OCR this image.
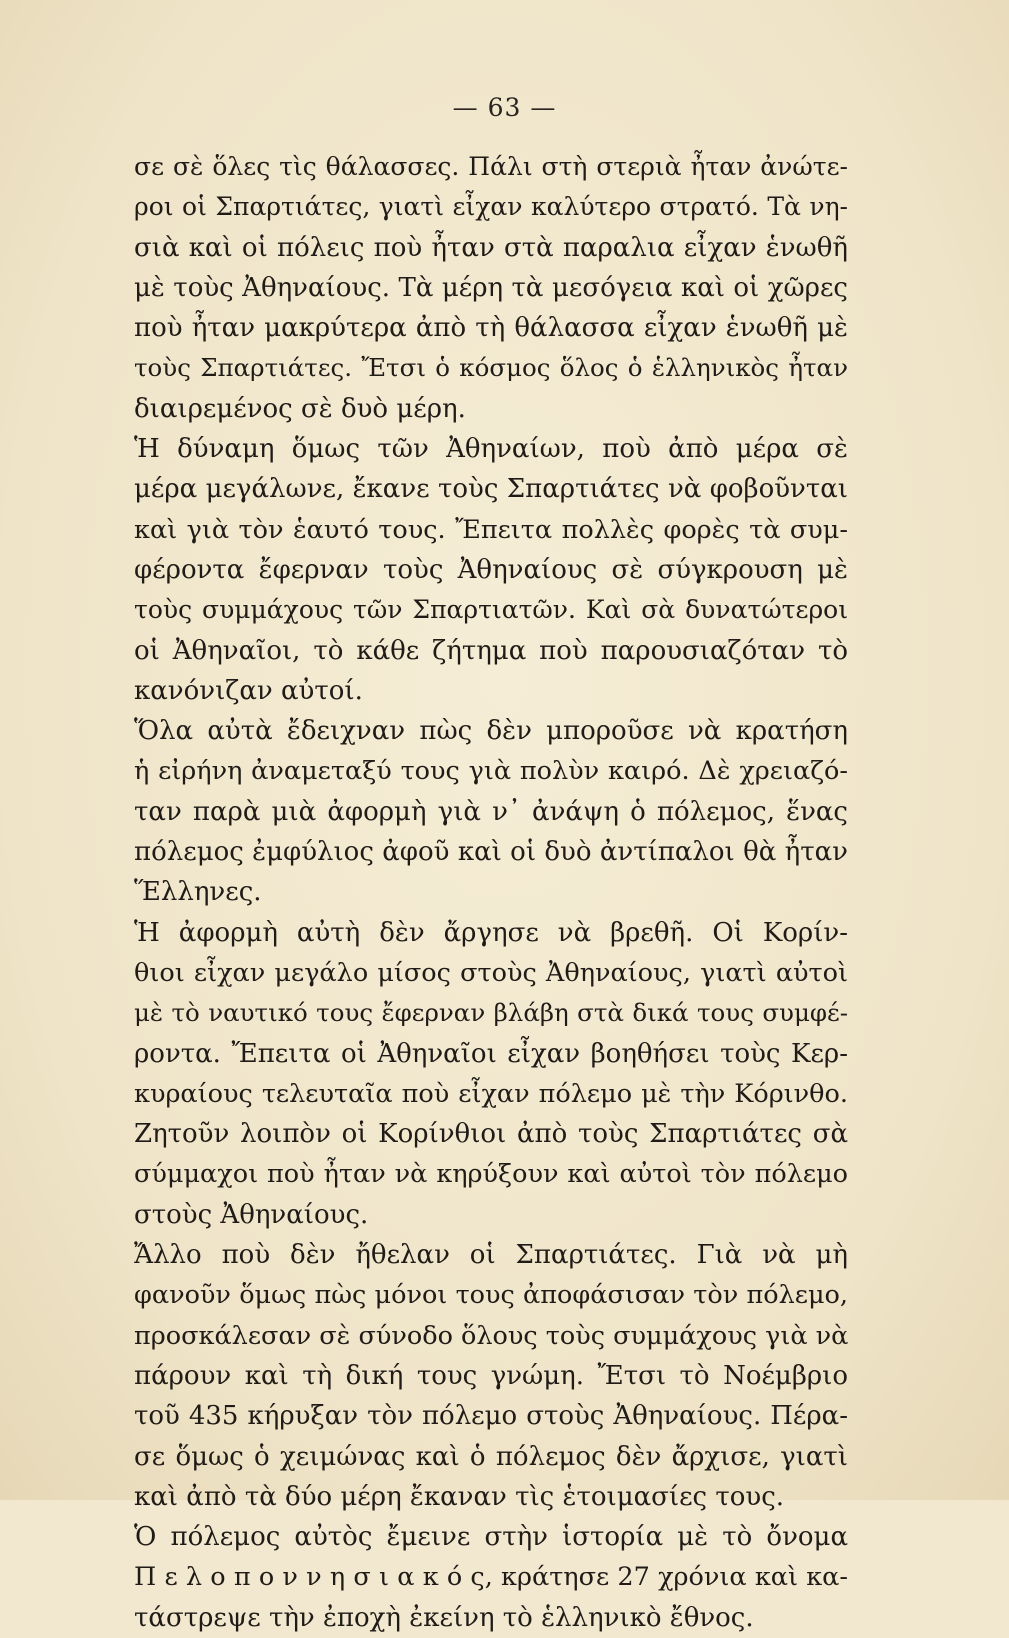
— 63 —
σε σὲ ὅλες τὶς θάλασσες. Πάλι στὴ στεριὰ ἦταν ἀνώτε-
ροι οἱ Σπαρτιάτες, γιατὶ εἶχαν καλύτερο στρατό. Τὰ νη-
σιὰ καὶ οἱ πόλεις ποὺ ἦταν στὰ παραλια εἶχαν ἑνωθῆ
μὲ τοὺς Ἀθηναίους. Τὰ μέρη τὰ μεσόγεια καὶ οἱ χῶρες
ποὺ ἦταν μακρύτερα ἀπὸ τὴ θάλασσα εἶχαν ἑνωθῆ μὲ
τοὺς Σπαρτιάτες. Ἔτσι ὁ κόσμος ὅλος ὁ ἑλληνικὸς ἦταν
διαιρεμένος σὲ δυὸ μέρη.
Ἡ δύναμη ὅμως τῶν Ἀθηναίων, ποὺ ἀπὸ μέρα σὲ
μέρα μεγάλωνε, ἔκανε τοὺς Σπαρτιάτες νὰ φοβοῦνται
καὶ γιὰ τὸν ἑαυτό τους. Ἔπειτα πολλὲς φορὲς τὰ συμ-
φέροντα ἔφερναν τοὺς Ἀθηναίους σὲ σύγκρουση μὲ
τοὺς συμμάχους τῶν Σπαρτιατῶν. Καὶ σὰ δυνατώτεροι
οἱ Ἀθηναῖοι, τὸ κάθε ζήτημα ποὺ παρουσιαζόταν τὸ
κανόνιζαν αὐτοί.
Ὅλα αὐτὰ ἔδειχναν πὼς δὲν μποροῦσε νὰ κρατήση
ἡ εἰρήνη ἀναμεταξύ τους γιὰ πολὺν καιρό. Δὲ χρειαζό-
ταν παρὰ μιὰ ἀφορμὴ γιὰ ν᾽ ἀνάψη ὁ πόλεμος, ἕνας
πόλεμος ἐμφύλιος ἀφοῦ καὶ οἱ δυὸ ἀντίπαλοι θὰ ἦταν
Ἕλληνες.
Ἡ ἀφορμὴ αὐτὴ δὲν ἄργησε νὰ βρεθῆ. Οἱ Κορίν-
θιοι εἶχαν μεγάλο μίσος στοὺς Ἀθηναίους, γιατὶ αὐτοὶ
μὲ τὸ ναυτικό τους ἔφερναν βλάβη στὰ δικά τους συμφέ-
ροντα. Ἔπειτα οἱ Ἀθηναῖοι εἶχαν βοηθήσει τοὺς Κερ-
κυραίους τελευταῖα ποὺ εἶχαν πόλεμο μὲ τὴν Κόρινθο.
Ζητοῦν λοιπὸν οἱ Κορίνθιοι ἀπὸ τοὺς Σπαρτιάτες σὰ
σύμμαχοι ποὺ ἦταν νὰ κηρύξουν καὶ αὐτοὶ τὸν πόλεμο
στοὺς Ἀθηναίους.
Ἄλλο ποὺ δὲν ἤθελαν οἱ Σπαρτιάτες. Γιὰ νὰ μὴ
φανοῦν ὅμως πὼς μόνοι τους ἀποφάσισαν τὸν πόλεμο,
προσκάλεσαν σὲ σύνοδο ὅλους τοὺς συμμάχους γιὰ νὰ
πάρουν καὶ τὴ δική τους γνώμη. Ἔτσι τὸ Νοέμβριο
τοῦ 435 κήρυξαν τὸν πόλεμο στοὺς Ἀθηναίους. Πέρα-
σε ὅμως ὁ χειμώνας καὶ ὁ πόλεμος δὲν ἄρχισε, γιατὶ
καὶ ἀπὸ τὰ δύο μέρη ἔκαναν τὶς ἑτοιμασίες τους.
Ὁ πόλεμος αὐτὸς ἔμεινε στὴν ἱστορία μὲ τὸ ὄνομα
Π ε λ ο π ο ν ν η σ ι α κ ό ς, κράτησε 27 χρόνια καὶ κα-
τάστρεψε τὴν ἐποχὴ ἐκείνη τὸ ἑλληνικὸ ἔθνος.
